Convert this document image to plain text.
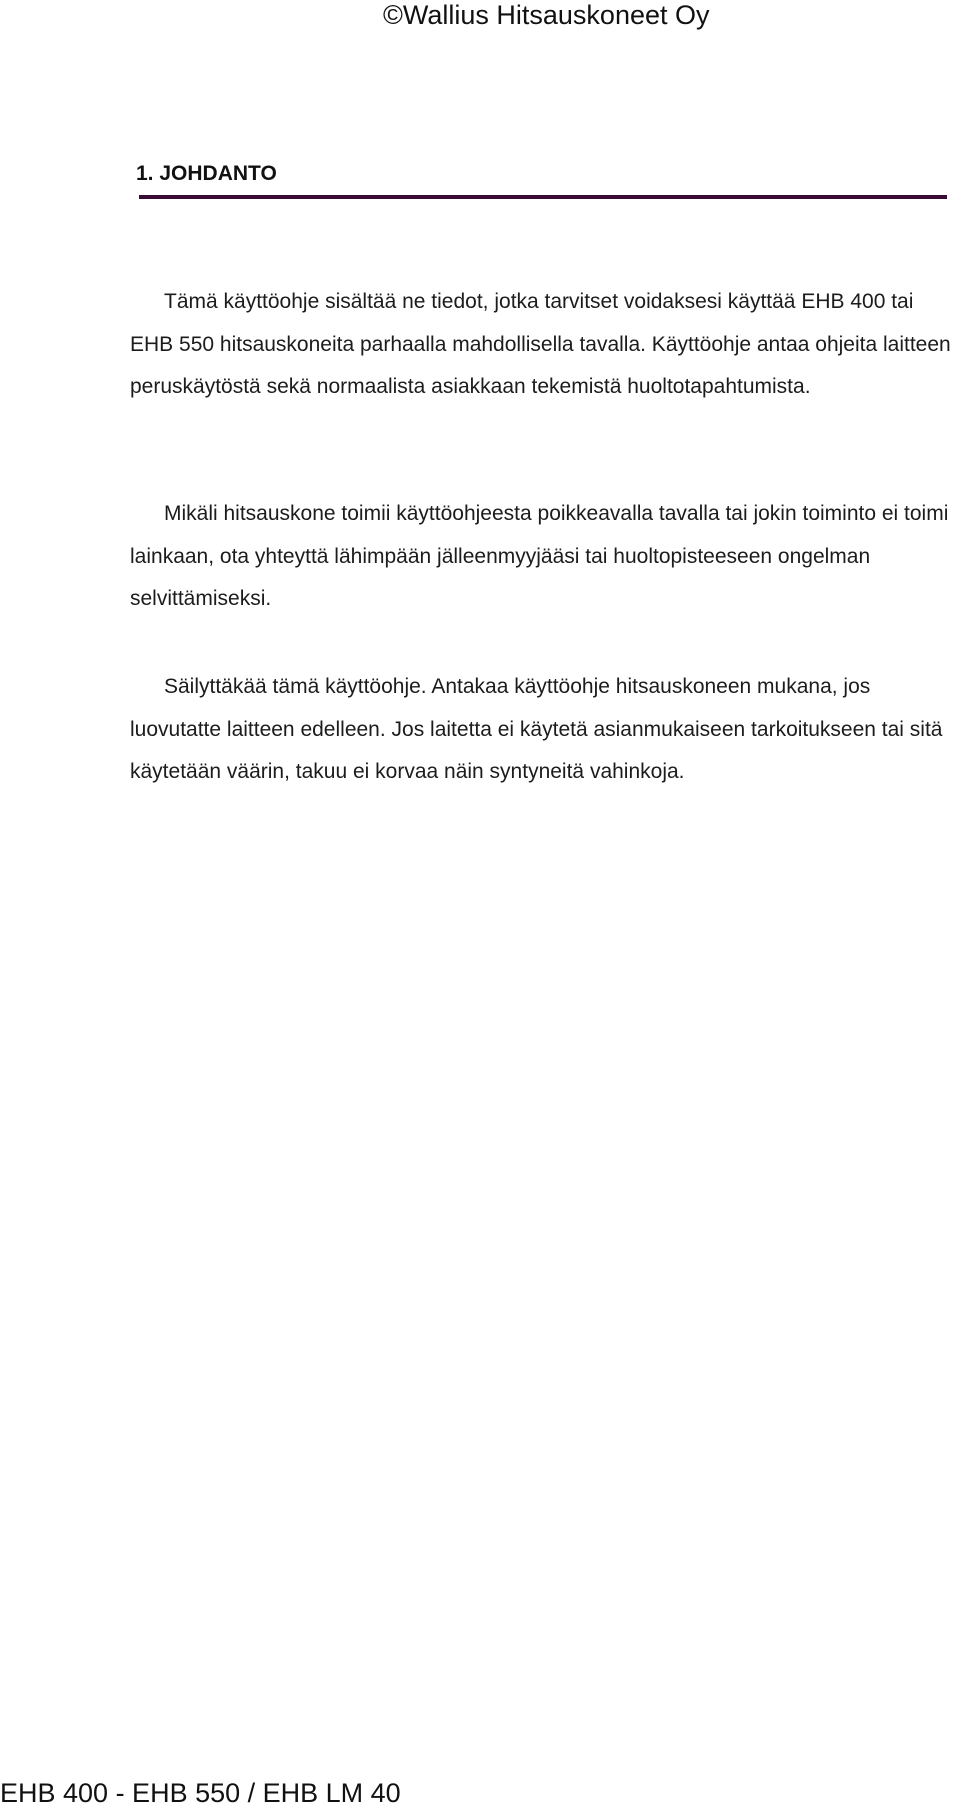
©Wallius Hitsauskoneet Oy
1. JOHDANTO

Tämä käyttöohje sisältää ne tiedot, jotka tarvitset voidaksesi käyttää EHB 400 tai EHB 550 hitsauskoneita parhaalla mahdollisella tavalla. Käyttöohje antaa ohjeita laitteen peruskäytöstä sekä normaalista asiakkaan tekemistä huoltotapahtumista.

Mikäli hitsauskone toimii käyttöohjeesta poikkeavalla tavalla tai jokin toiminto ei toimi lainkaan, ota yhteyttä lähimpään jälleenmyyjääsi tai huoltopisteeseen ongelman selvittämiseksi.

Säilyttäkää tämä käyttöohje. Antakaa käyttöohje hitsauskoneen mukana, jos luovutatte laitteen edelleen. Jos laitetta ei käytetä asianmukaiseen tarkoitukseen tai sitä käytetään väärin, takuu ei korvaa näin syntyneitä vahinkoja.

EHB 400 - EHB 550 / EHB LM 40
